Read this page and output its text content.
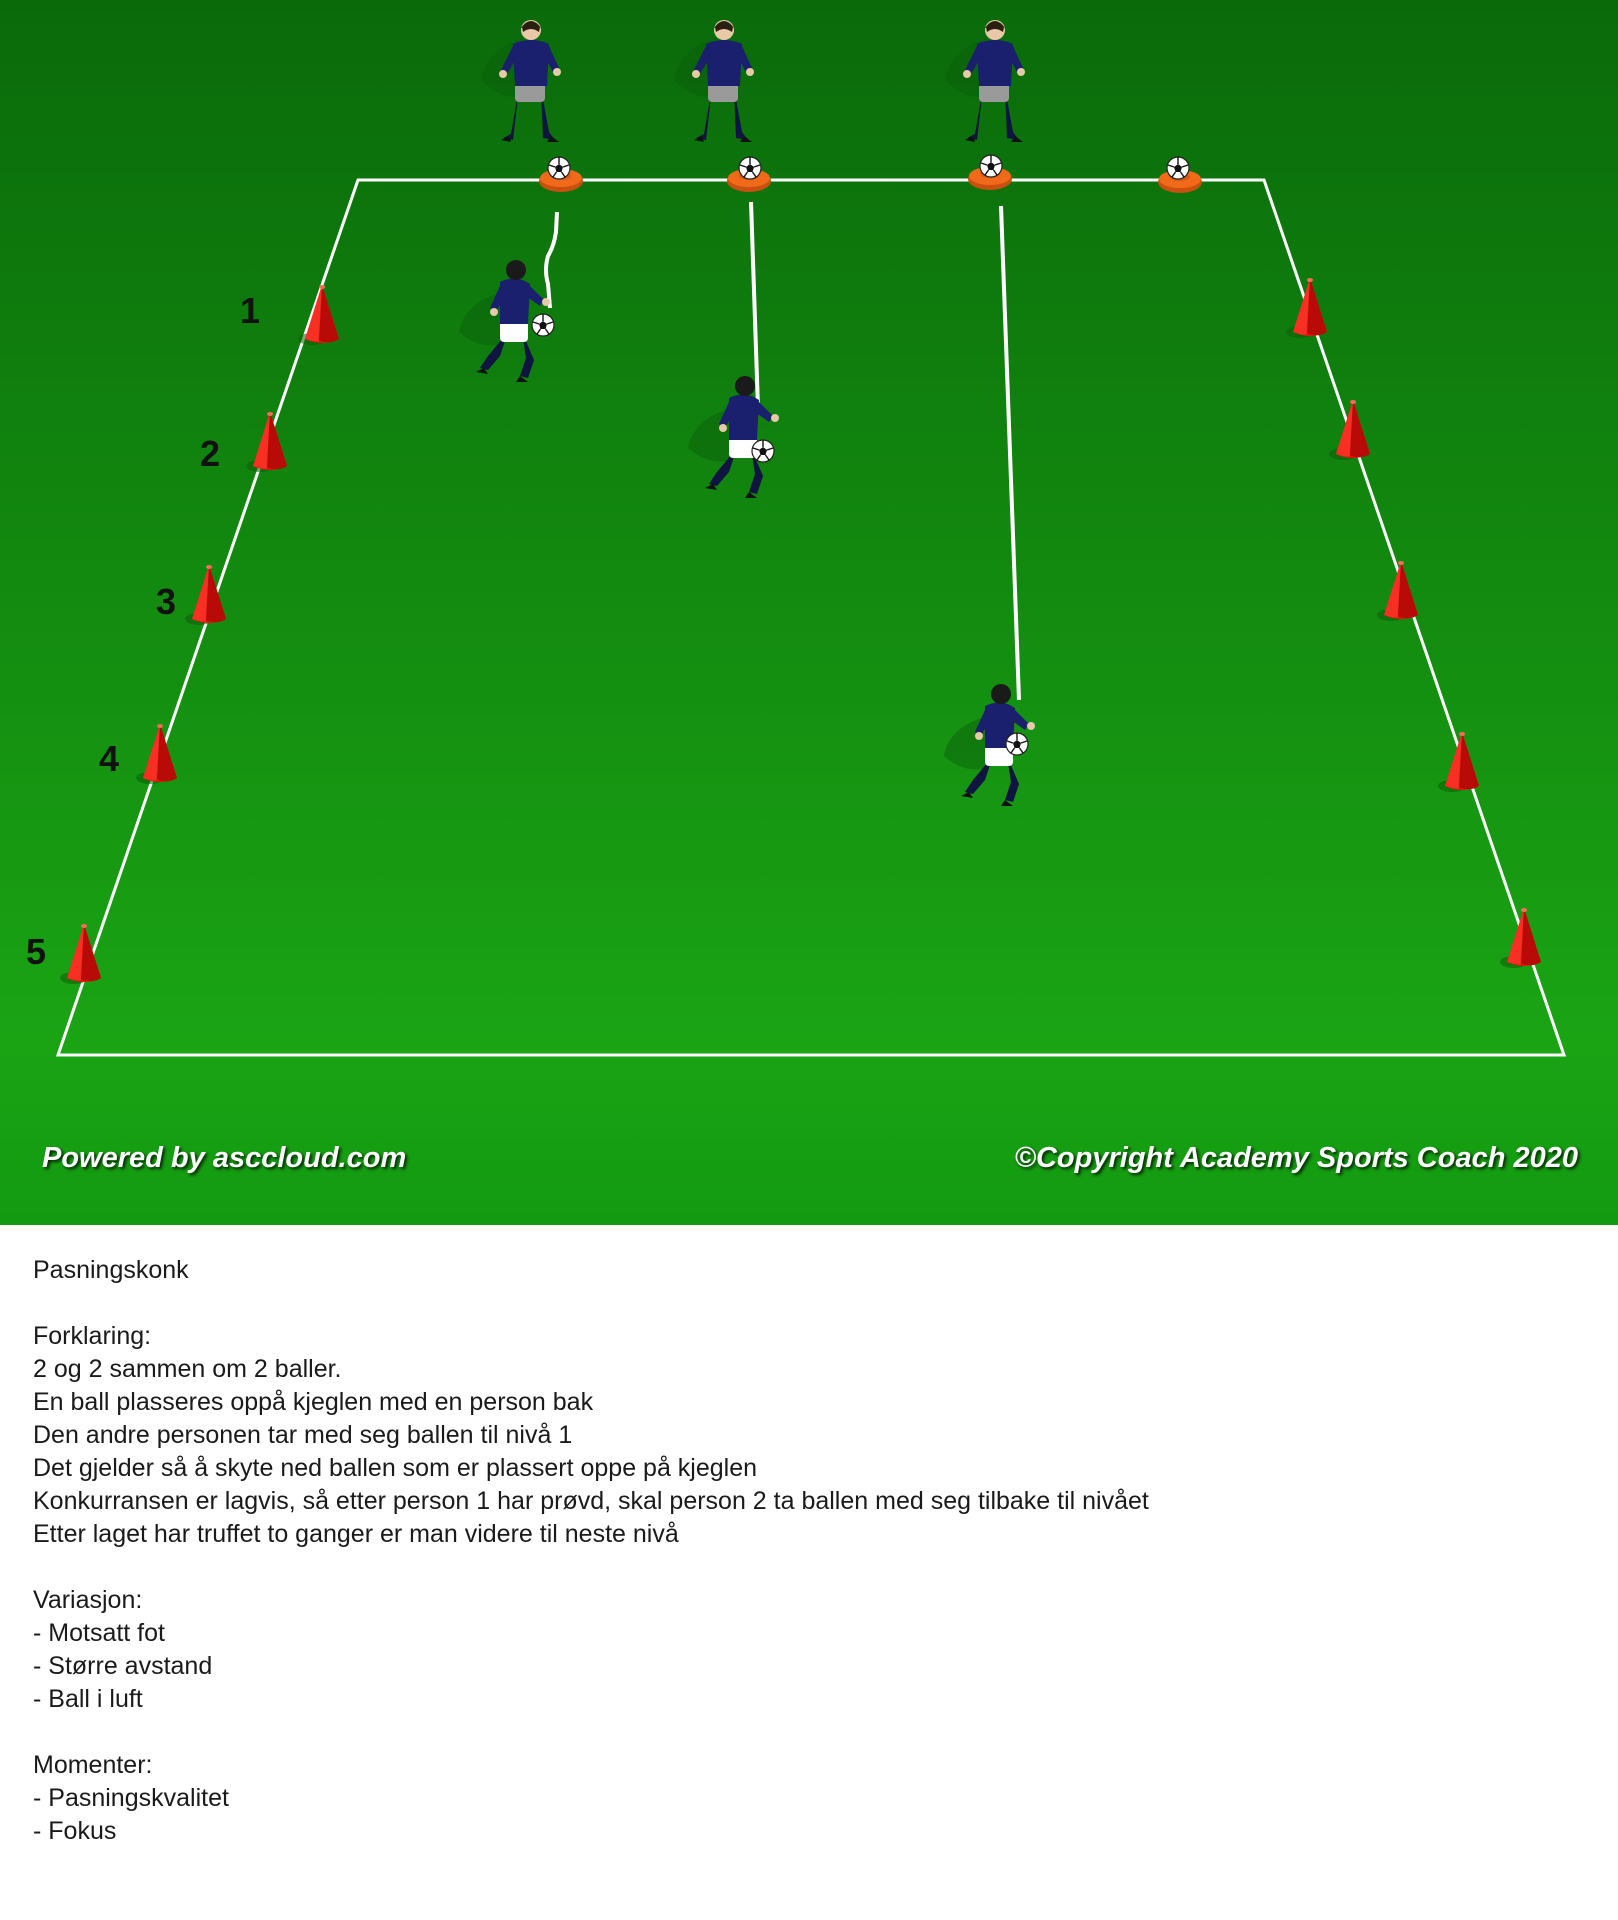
1
2
3
4
5
Powered by asccloud.com	©Copyright Academy Sports Coach 2020
Pasningskonk
Forklaring:
2 og 2 sammen om 2 baller.
En ball plasseres oppå kjeglen med en person bak
Den andre personen tar med seg ballen til nivå 1
Det gjelder så å skyte ned ballen som er plassert oppe på kjeglen
Konkurransen er lagvis, så etter person 1 har prøvd, skal person 2 ta ballen med seg tilbake til nivået
Etter laget har truffet to ganger er man videre til neste nivå
Variasjon:
- Motsatt fot
- Større avstand
- Ball i luft
Momenter:
- Pasningskvalitet
- Fokus
